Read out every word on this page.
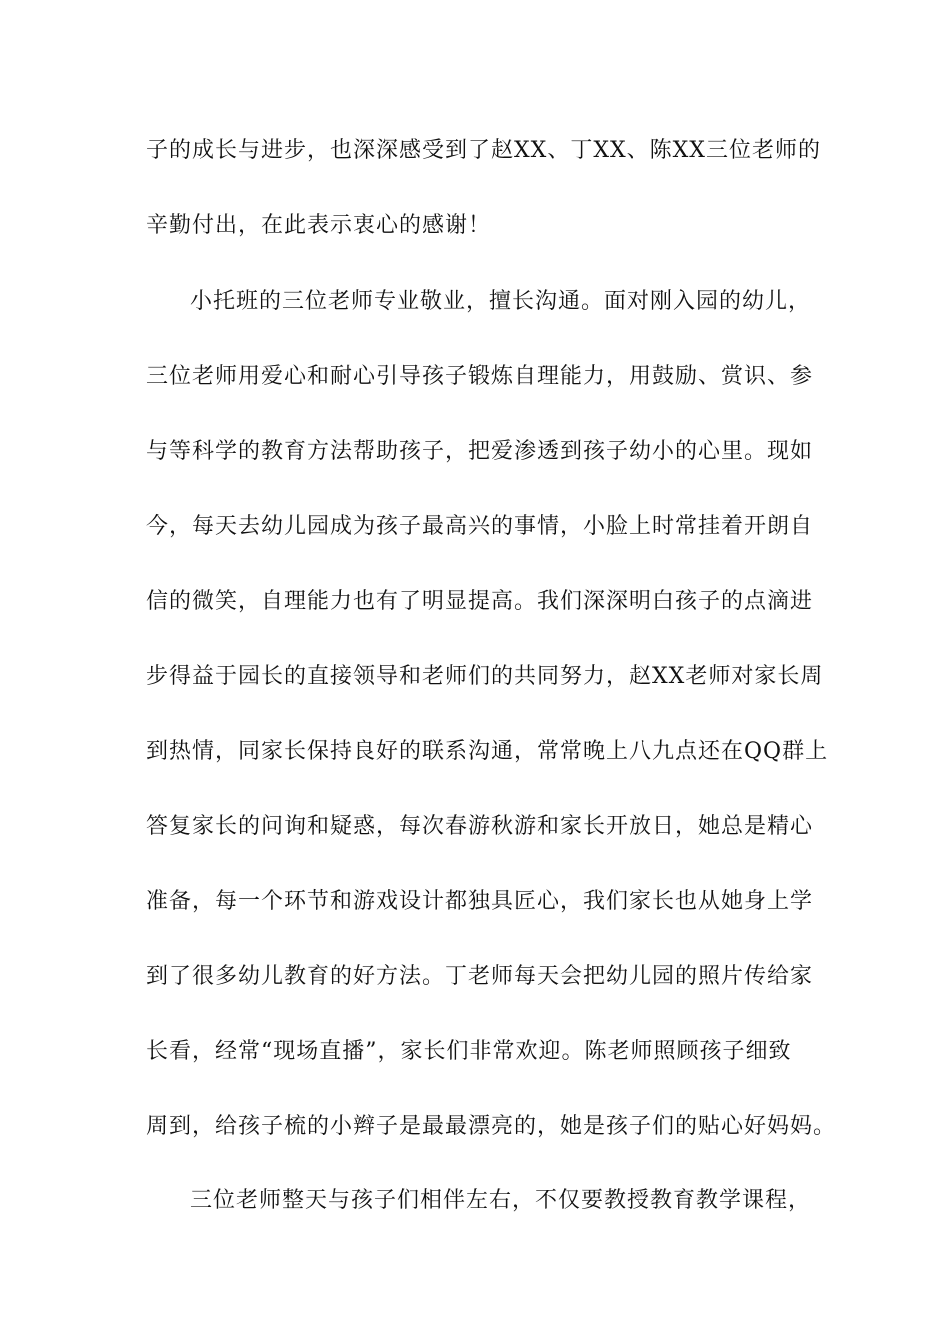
子的成长与进步，也深深感受到了赵XX、丁XX、陈XX三位老师的
辛勤付出，在此表示衷心的感谢！
小托班的三位老师专业敬业，擅长沟通。面对刚入园的幼儿，
三位老师用爱心和耐心引导孩子锻炼自理能力，用鼓励、赏识、参
与等科学的教育方法帮助孩子，把爱渗透到孩子幼小的心里。现如
今，每天去幼儿园成为孩子最高兴的事情，小脸上时常挂着开朗自
信的微笑，自理能力也有了明显提高。我们深深明白孩子的点滴进
步得益于园长的直接领导和老师们的共同努力，赵XX老师对家长周
到热情，同家长保持良好的联系沟通，常常晚上八九点还在QQ群上
答复家长的问询和疑惑，每次春游秋游和家长开放日，她总是精心
准备，每一个环节和游戏设计都独具匠心，我们家长也从她身上学
到了很多幼儿教育的好方法。丁老师每天会把幼儿园的照片传给家
长看，经常“现场直播”，家长们非常欢迎。陈老师照顾孩子细致
周到，给孩子梳的小辫子是最最漂亮的，她是孩子们的贴心好妈妈。
三位老师整天与孩子们相伴左右，不仅要教授教育教学课程，
